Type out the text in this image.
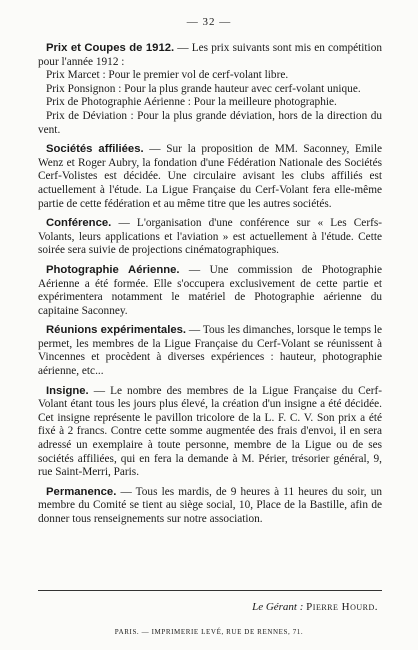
— 32 —

Prix et Coupes de 1912. — Les prix suivants sont mis en compétition pour l'année 1912 :

Prix Marcet : Pour le premier vol de cerf-volant libre.

Prix Ponsignon : Pour la plus grande hauteur avec cerf-volant unique.

Prix de Photographie Aérienne : Pour la meilleure photographie.

Prix de Déviation : Pour la plus grande déviation, hors de la direction du vent.

Sociétés affiliées. — Sur la proposition de MM. Saconney, Emile Wenz et Roger Aubry, la fondation d'une Fédération Nationale des Sociétés Cerf-Volistes est décidée. Une circulaire avisant les clubs affiliés est actuellement à l'étude. La Ligue Française du Cerf-Volant fera elle-même partie de cette fédération et au même titre que les autres sociétés.

Conférence. — L'organisation d'une conférence sur « Les Cerfs-Volants, leurs applications et l'aviation » est actuellement à l'étude. Cette soirée sera suivie de projections cinématographiques.

Photographie Aérienne. — Une commission de Photographie Aérienne a été formée. Elle s'occupera exclusivement de cette partie et expérimentera notamment le matériel de Photographie aérienne du capitaine Saconney.

Réunions expérimentales. — Tous les dimanches, lorsque le temps le permet, les membres de la Ligue Française du Cerf-Volant se réunissent à Vincennes et procèdent à diverses expériences : hauteur, photographie aérienne, etc...

Insigne. — Le nombre des membres de la Ligue Française du Cerf-Volant étant tous les jours plus élevé, la création d'un insigne a été décidée. Cet insigne représente le pavillon tricolore de la L. F. C. V. Son prix a été fixé à 2 francs. Contre cette somme augmentée des frais d'envoi, il en sera adressé un exemplaire à toute personne, membre de la Ligue ou de ses sociétés affiliées, qui en fera la demande à M. Périer, trésorier général, 9, rue Saint-Merri, Paris.

Permanence. — Tous les mardis, de 9 heures à 11 heures du soir, un membre du Comité se tient au siège social, 10, Place de la Bastille, afin de donner tous renseignements sur notre association.

Le Gérant : Pierre Hourd.
PARIS. — IMPRIMERIE LEVÉ, RUE DE RENNES, 71.
